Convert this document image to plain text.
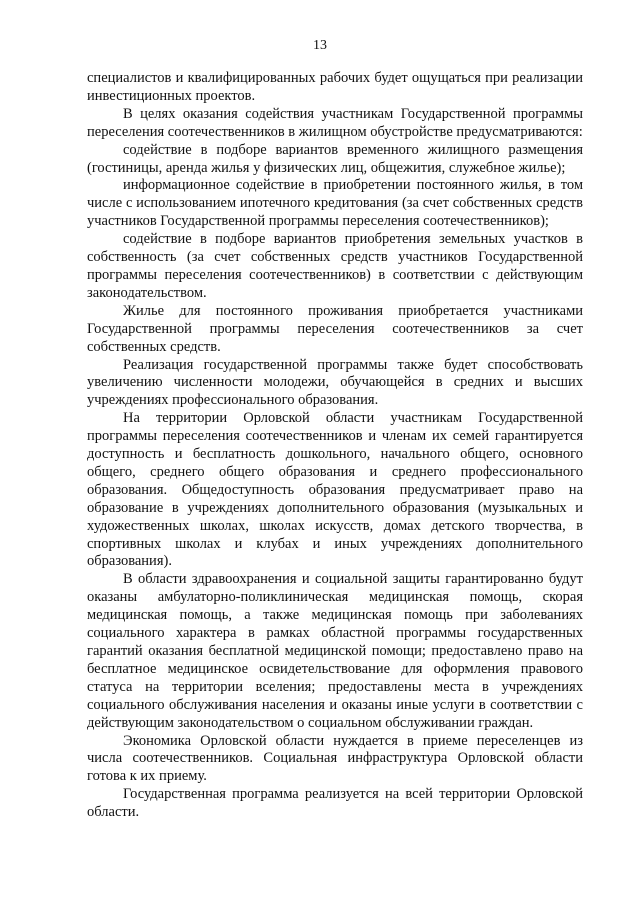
13

специалистов и квалифицированных рабочих будет ощущаться при реализации инвестиционных проектов.

В целях оказания содействия участникам Государственной программы переселения соотечественников в жилищном обустройстве предусматриваются:

содействие в подборе вариантов временного жилищного размещения (гостиницы, аренда жилья у физических лиц, общежития, служебное жилье);

информационное содействие в приобретении постоянного жилья, в том числе с использованием ипотечного кредитования (за счет собственных средств участников Государственной программы переселения соотечественников);

содействие в подборе вариантов приобретения земельных участков в собственность (за счет собственных средств участников Государственной программы переселения соотечественников) в соответствии с действующим законодательством.

Жилье для постоянного проживания приобретается участниками Государственной программы переселения соотечественников за счет собственных средств.

Реализация государственной программы также будет способствовать увеличению численности молодежи, обучающейся в средних и высших учреждениях профессионального образования.

На территории Орловской области участникам Государственной программы переселения соотечественников и членам их семей гарантируется доступность и бесплатность дошкольного, начального общего, основного общего, среднего общего образования и среднего профессионального образования. Общедоступность образования предусматривает право на образование в учреждениях дополнительного образования (музыкальных и художественных школах, школах искусств, домах детского творчества, в спортивных школах и клубах и иных учреждениях дополнительного образования).

В области здравоохранения и социальной защиты гарантированно будут оказаны амбулаторно-поликлиническая медицинская помощь, скорая медицинская помощь, а также медицинская помощь при заболеваниях социального характера в рамках областной программы государственных гарантий оказания бесплатной медицинской помощи; предоставлено право на бесплатное медицинское освидетельствование для оформления правового статуса на территории вселения; предоставлены места в учреждениях социального обслуживания населения и оказаны иные услуги в соответствии с действующим законодательством о социальном обслуживании граждан.

Экономика Орловской области нуждается в приеме переселенцев из числа соотечественников. Социальная инфраструктура Орловской области готова к их приему.

Государственная программа реализуется на всей территории Орловской области.
